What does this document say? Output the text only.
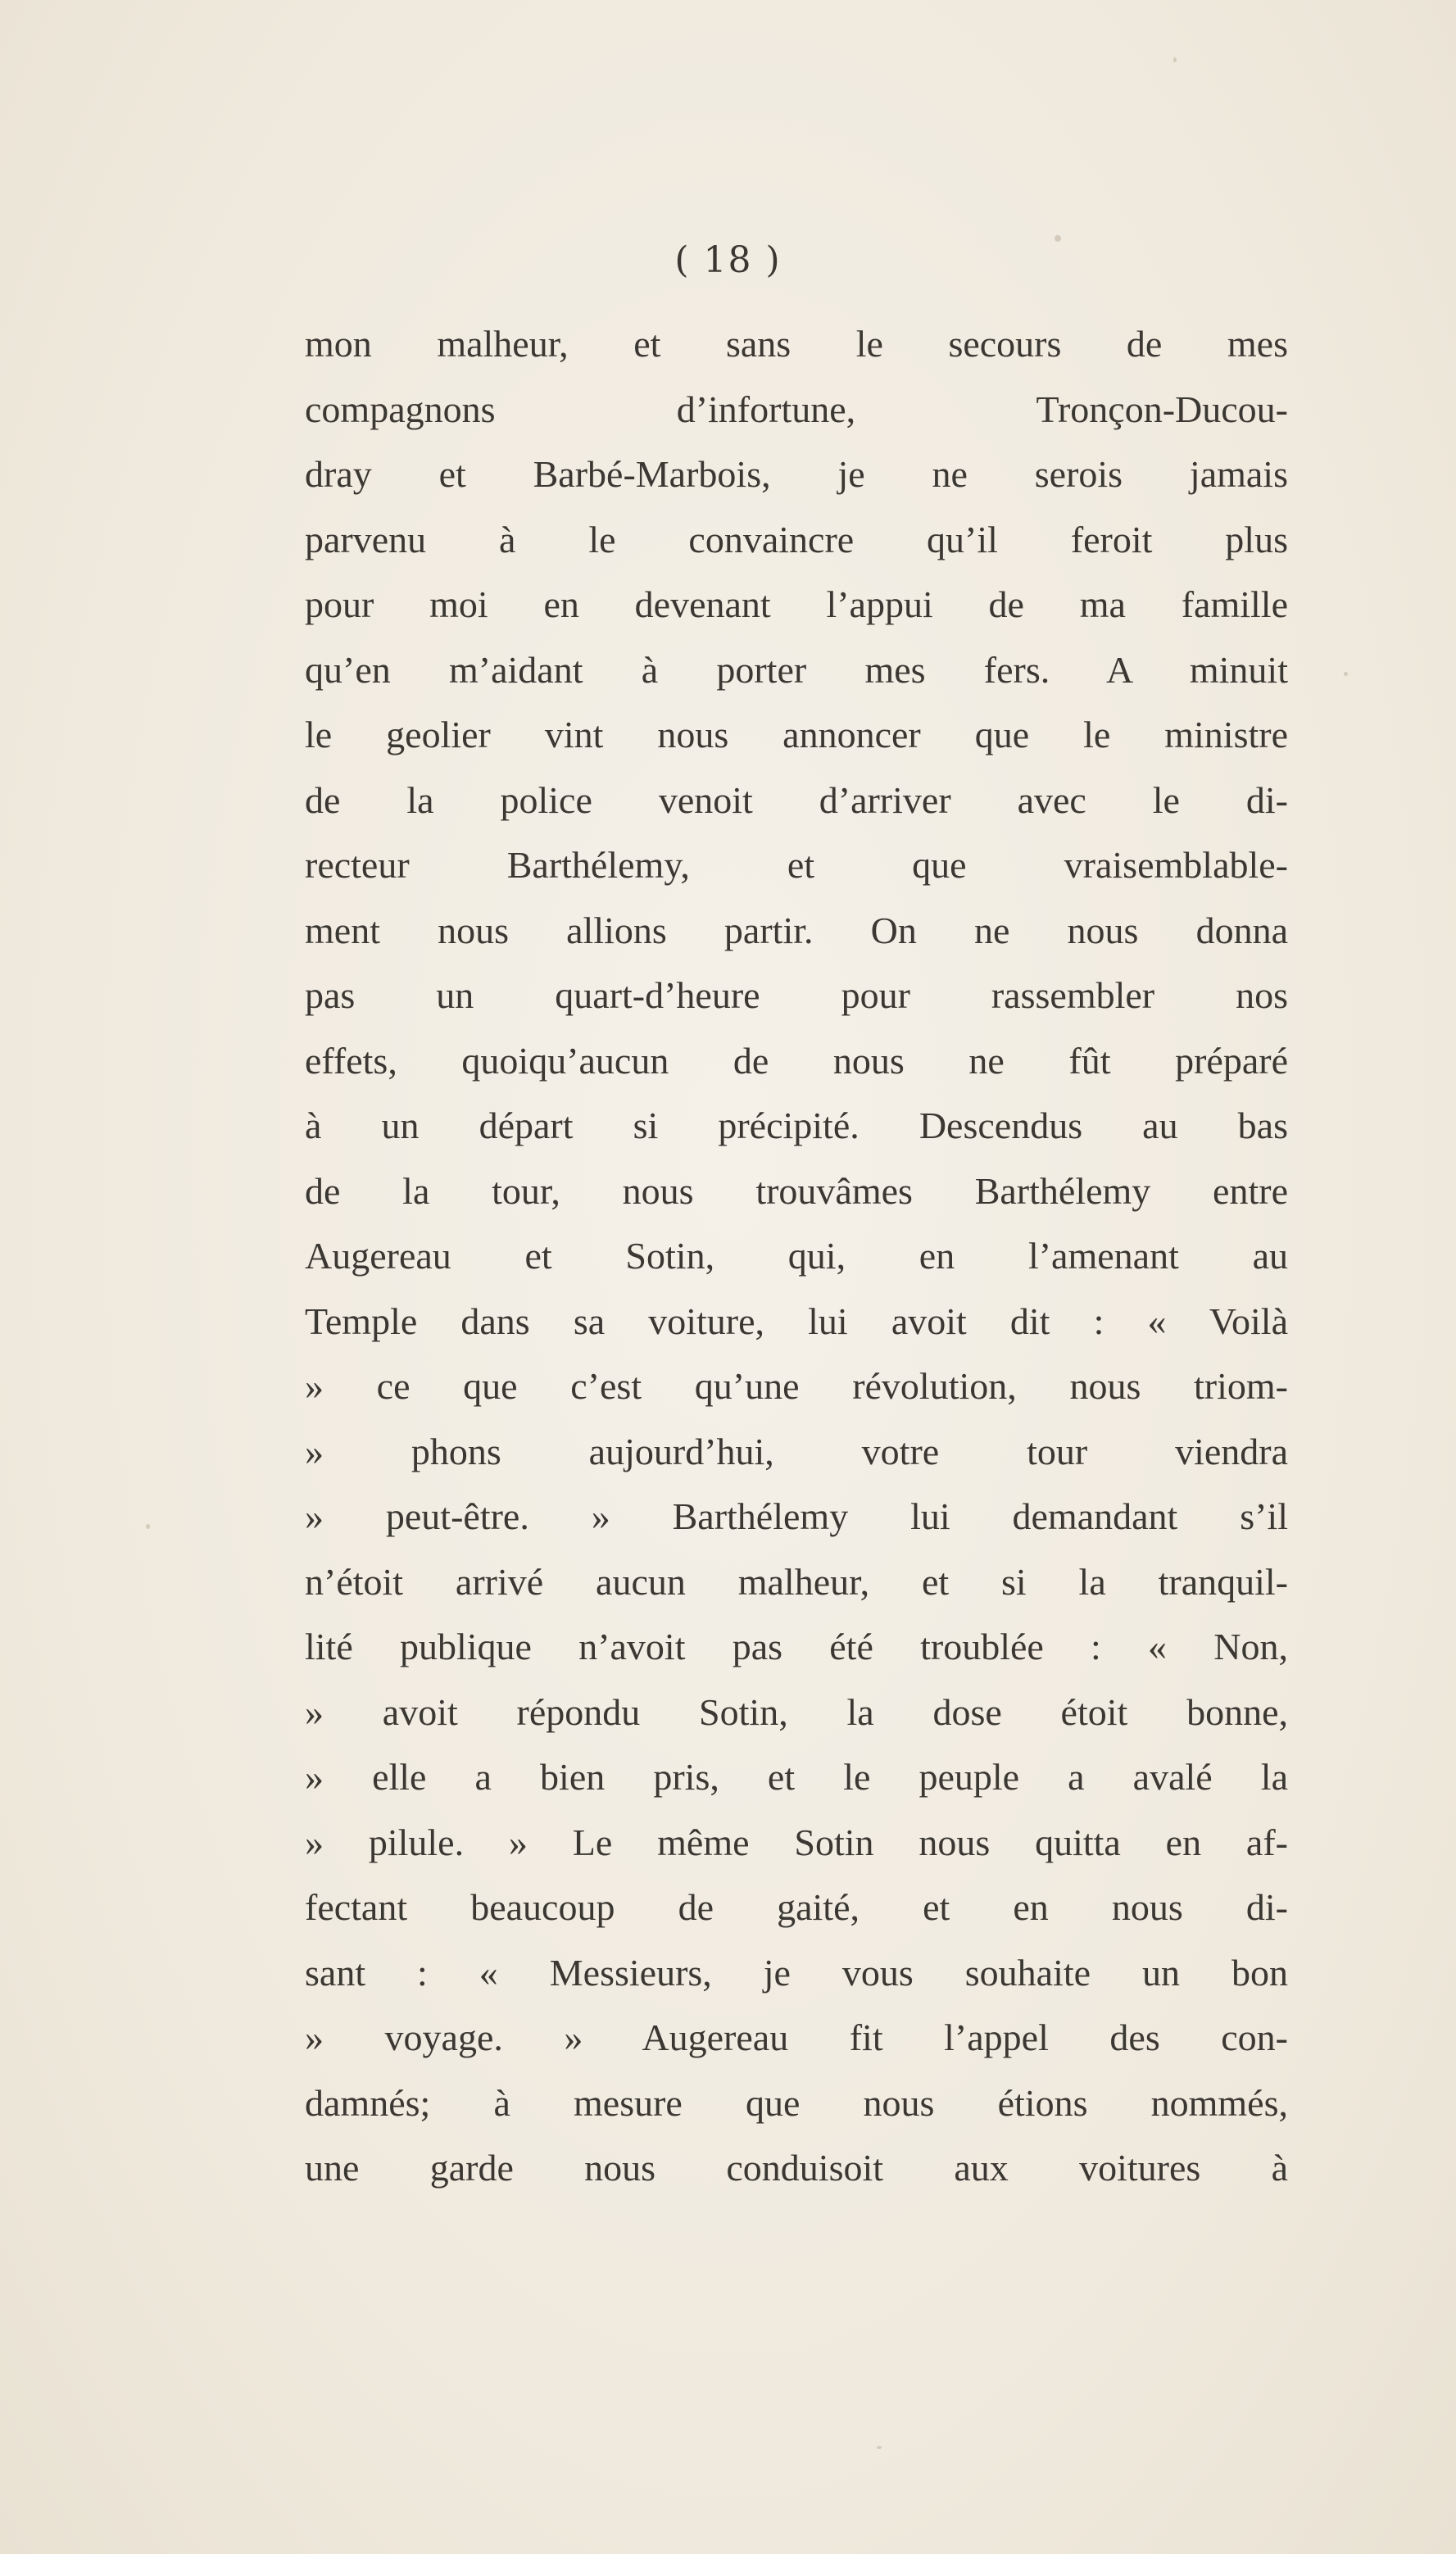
( 18 )
mon malheur, et sans le secours de mes
compagnons d’infortune, Tronçon-Ducou-
dray et Barbé-Marbois, je ne serois jamais
parvenu à le convaincre qu’il feroit plus
pour moi en devenant l’appui de ma famille
qu’en m’aidant à porter mes fers. A minuit
le geolier vint nous annoncer que le ministre
de la police venoit d’arriver avec le di-
recteur Barthélemy, et que vraisemblable-
ment nous allions partir. On ne nous donna
pas un quart-d’heure pour rassembler nos
effets, quoiqu’aucun de nous ne fût préparé
à un départ si précipité. Descendus au bas
de la tour, nous trouvâmes Barthélemy entre
Augereau et Sotin, qui, en l’amenant au
Temple dans sa voiture, lui avoit dit : « Voilà
» ce que c’est qu’une révolution, nous triom-
» phons aujourd’hui, votre tour viendra
» peut-être. » Barthélemy lui demandant s’il
n’étoit arrivé aucun malheur, et si la tranquil-
lité publique n’avoit pas été troublée : « Non,
» avoit répondu Sotin, la dose étoit bonne,
» elle a bien pris, et le peuple a avalé la
» pilule. » Le même Sotin nous quitta en af-
fectant beaucoup de gaité, et en nous di-
sant : « Messieurs, je vous souhaite un bon
» voyage. » Augereau fit l’appel des con-
damnés; à mesure que nous étions nommés,
une garde nous conduisoit aux voitures à
